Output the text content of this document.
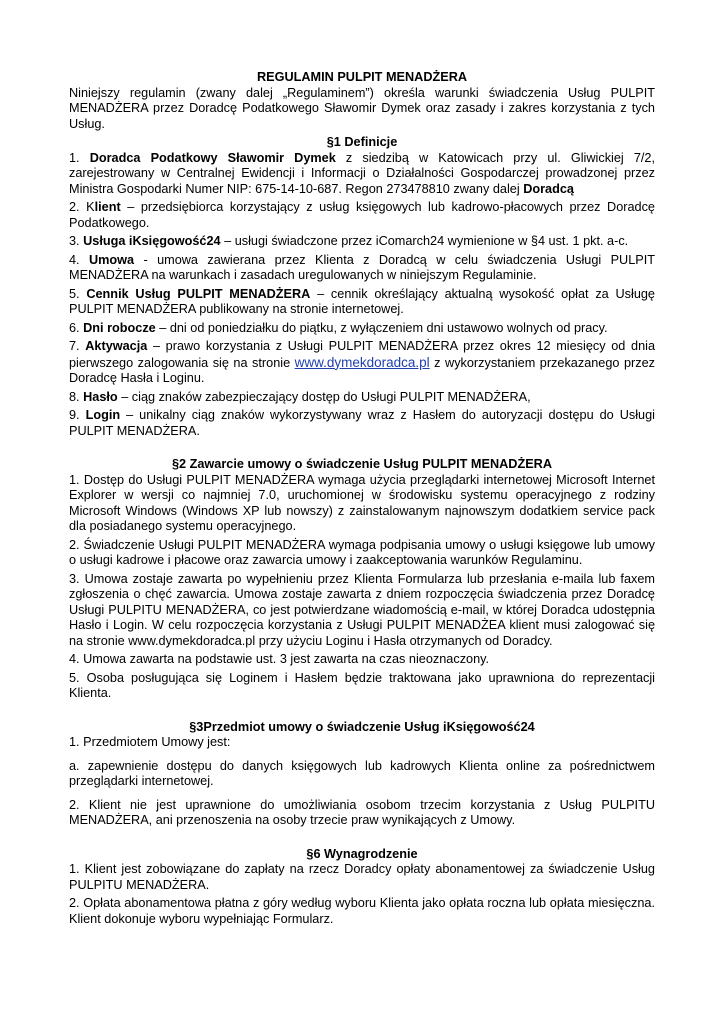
REGULAMIN PULPIT MENADŻERA

Niniejszy regulamin (zwany dalej „Regulaminem”) określa warunki świadczenia Usług PULPIT MENADŻERA przez Doradcę Podatkowego Sławomir Dymek oraz zasady i zakres korzystania z tych Usług.

§1 Definicje

1. Doradca Podatkowy Sławomir Dymek z siedzibą w Katowicach przy ul. Gliwickiej 7/2, zarejestrowany w Centralnej Ewidencji i Informacji o Działalności Gospodarczej prowadzonej przez Ministra Gospodarki Numer NIP: 675-14-10-687. Regon 273478810 zwany dalej Doradcą

2. Klient – przedsiębiorca korzystający z usług księgowych lub kadrowo-płacowych przez Doradcę Podatkowego.

3. Usługa iKsięgowość24 – usługi świadczone przez iComarch24 wymienione w §4 ust. 1 pkt. a-c.

4. Umowa - umowa zawierana przez Klienta z Doradcą w celu świadczenia Usługi PULPIT MENADŻERA na warunkach i zasadach uregulowanych w niniejszym Regulaminie.

5. Cennik Usług PULPIT MENADŻERA – cennik określający aktualną wysokość opłat za Usługę PULPIT MENADŻERA publikowany na stronie internetowej.

6. Dni robocze – dni od poniedziałku do piątku, z wyłączeniem dni ustawowo wolnych od pracy.

7. Aktywacja – prawo korzystania z Usługi PULPIT MENADŻERA przez okres 12 miesięcy od dnia pierwszego zalogowania się na stronie www.dymekdoradca.pl z wykorzystaniem przekazanego przez Doradcę Hasła i Loginu.

8. Hasło – ciąg znaków zabezpieczający dostęp do Usługi PULPIT MENADŻERA,

9. Login – unikalny ciąg znaków wykorzystywany wraz z Hasłem do autoryzacji dostępu do Usługi PULPIT MENADŻERA.

§2 Zawarcie umowy o świadczenie Usług PULPIT MENADŻERA

1. Dostęp do Usługi PULPIT MENADŻERA wymaga użycia przeglądarki internetowej Microsoft Internet Explorer w wersji co najmniej 7.0, uruchomionej w środowisku systemu operacyjnego z rodziny Microsoft Windows (Windows XP lub nowszy) z zainstalowanym najnowszym dodatkiem service pack dla posiadanego systemu operacyjnego.

2. Świadczenie Usługi PULPIT MENADŻERA wymaga podpisania umowy o usługi księgowe lub umowy o usługi kadrowe i płacowe oraz zawarcia umowy i zaakceptowania warunków Regulaminu.

3. Umowa zostaje zawarta po wypełnieniu przez Klienta Formularza lub przesłania e-maila lub faxem zgłoszenia o chęć zawarcia. Umowa zostaje zawarta z dniem rozpoczęcia świadczenia przez Doradcę Usługi PULPITU MENADŻERA, co jest potwierdzane wiadomością e-mail, w której Doradca udostępnia Hasło i Login. W celu rozpoczęcia korzystania z Usługi PULPIT MENADŻEA klient musi zalogować się na stronie www.dymekdoradca.pl przy użyciu Loginu i Hasła otrzymanych od Doradcy.

4. Umowa zawarta na podstawie ust. 3 jest zawarta na czas nieoznaczony.

5. Osoba posługująca się Loginem i Hasłem będzie traktowana jako uprawniona do reprezentacji Klienta.

§3Przedmiot umowy o świadczenie Usług iKsięgowość24

1. Przedmiotem Umowy jest:

a. zapewnienie dostępu do danych księgowych lub kadrowych Klienta online za pośrednictwem przeglądarki internetowej.

2. Klient nie jest uprawnione do umożliwiania osobom trzecim korzystania z Usług PULPITU MENADŻERA, ani przenoszenia na osoby trzecie praw wynikających z Umowy.

§6 Wynagrodzenie

1. Klient jest zobowiązane do zapłaty na rzecz Doradcy opłaty abonamentowej za świadczenie Usług PULPITU MENADŻERA.

2. Opłata abonamentowa płatna z góry według wyboru Klienta jako opłata roczna lub opłata miesięczna. Klient dokonuje wyboru wypełniając Formularz.
